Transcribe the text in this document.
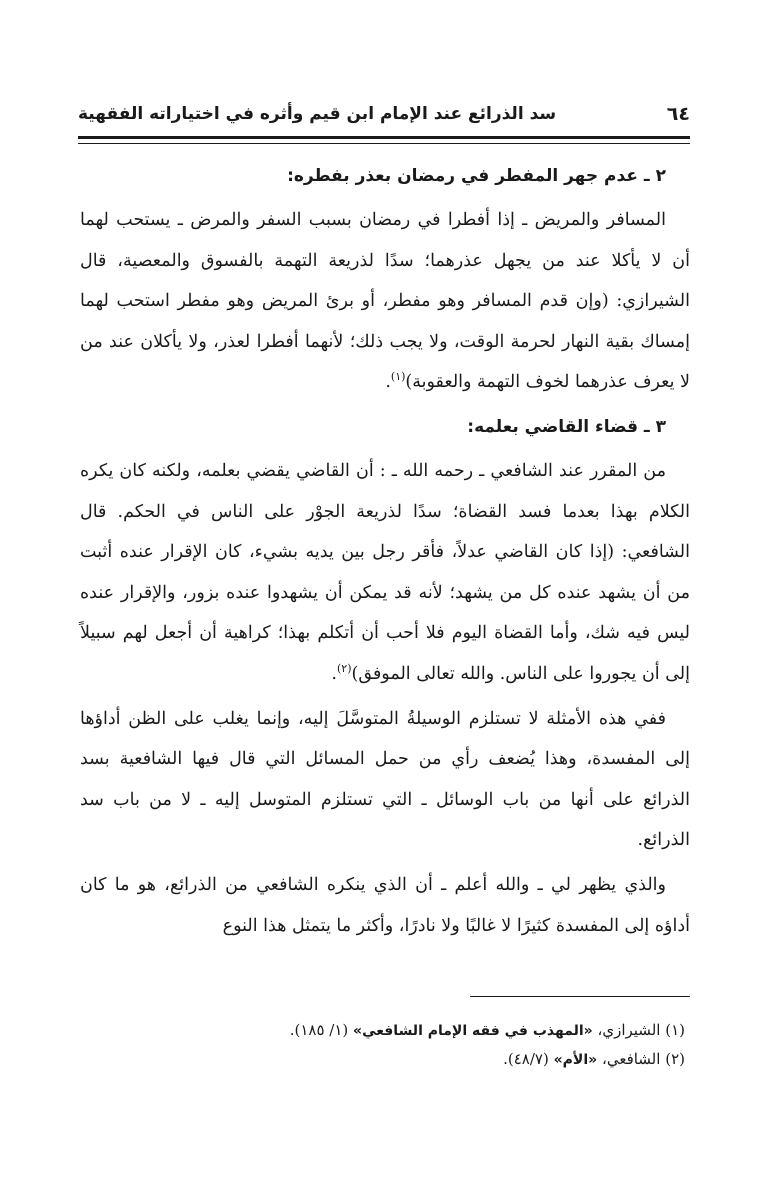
٦٤
سد الذرائع عند الإمام ابن قيم وأثره في اختياراته الفقهية
٢ ـ عدم جهر المفطر في رمضان بعذر بفطره:

المسافر والمريض ـ إذا أفطرا في رمضان بسبب السفر والمرض ـ يستحب لهما أن لا يأكلا عند من يجهل عذرهما؛ سدًا لذريعة التهمة بالفسوق والمعصية، قال الشيرازي: (وإن قدم المسافر وهو مفطر، أو برئ المريض وهو مفطر استحب لهما إمساك بقية النهار لحرمة الوقت، ولا يجب ذلك؛ لأنهما أفطرا لعذر، ولا يأكلان عند من لا يعرف عذرهما لخوف التهمة والعقوبة)$^{(١)}$.

٣ ـ قضاء القاضي بعلمه:

من المقرر عند الشافعي ـ رحمه الله ـ : أن القاضي يقضي بعلمه، ولكنه كان يكره الكلام بهذا بعدما فسد القضاة؛ سدًا لذريعة الجوْر على الناس في الحكم. قال الشافعي: (إذا كان القاضي عدلاً، فأقر رجل بين يديه بشيء، كان الإقرار عنده أثبت من أن يشهد عنده كل من يشهد؛ لأنه قد يمكن أن يشهدوا عنده بزور، والإقرار عنده ليس فيه شك، وأما القضاة اليوم فلا أحب أن أتكلم بهذا؛ كراهية أن أجعل لهم سبيلاً إلى أن يجوروا على الناس. والله تعالى الموفق)$^{(٢)}$.

ففي هذه الأمثلة لا تستلزم الوسيلةُ المتوسَّلَ إليه، وإنما يغلب على الظن أداؤها إلى المفسدة، وهذا يُضعف رأي من حمل المسائل التي قال فيها الشافعية بسد الذرائع على أنها من باب الوسائل ـ التي تستلزم المتوسل إليه ـ لا من باب سد الذرائع.

والذي يظهر لي ـ والله أعلم ـ أن الذي ينكره الشافعي من الذرائع، هو ما كان أداؤه إلى المفسدة كثيرًا لا غالبًا ولا نادرًا، وأكثر ما يتمثل هذا النوع

(١) الشيرازي، «المهذب في فقه الإمام الشافعي» (١/ ١٨٥).
(٢) الشافعي، «الأم» (٤٨/٧).
